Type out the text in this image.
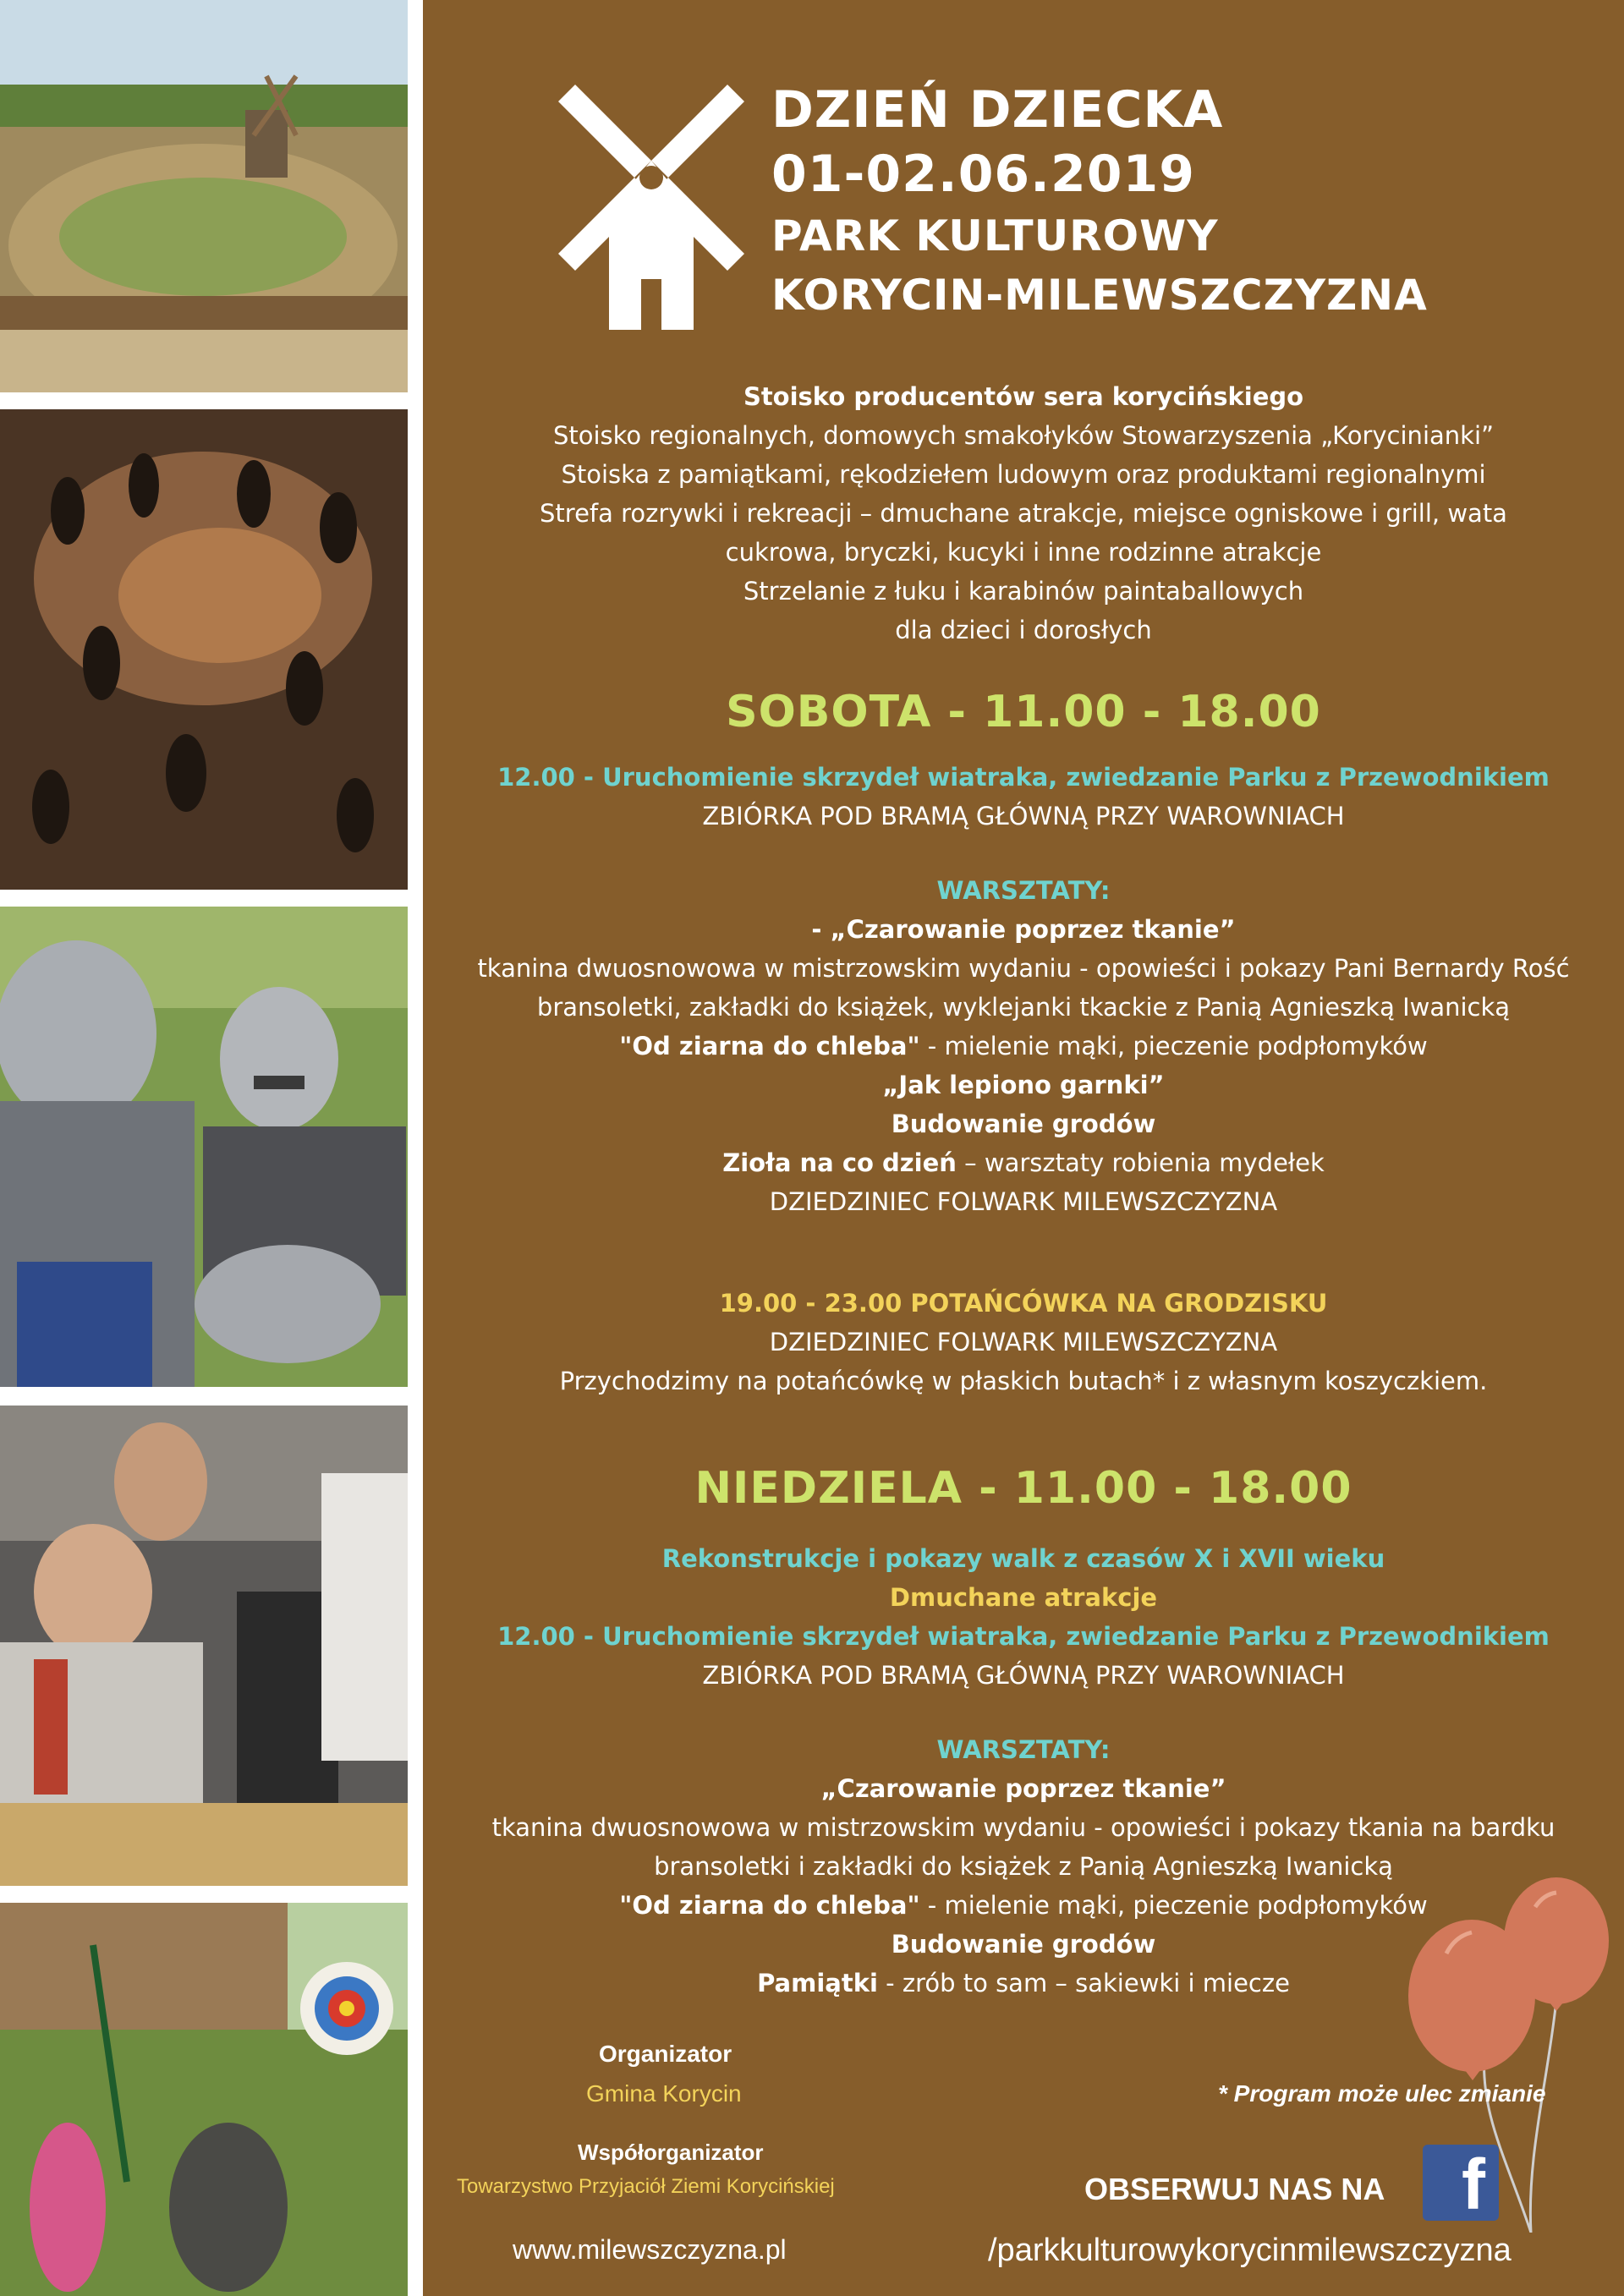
DZIEŃ DZIECKA
01-02.06.2019
PARK KULTUROWY
KORYCIN-MILEWSZCZYZNA
Stoisko producentów sera korycińskiego
Stoisko regionalnych, domowych smakołyków Stowarzyszenia „Korycinianki”
Stoiska z pamiątkami, rękodziełem ludowym oraz produktami regionalnymi
Strefa rozrywki i rekreacji – dmuchane atrakcje, miejsce ogniskowe i grill, wata
cukrowa, bryczki, kucyki i inne rodzinne atrakcje
Strzelanie z łuku i karabinów paintaballowych
dla dzieci i dorosłych
SOBOTA - 11.00 - 18.00
12.00 - Uruchomienie skrzydeł wiatraka, zwiedzanie Parku z Przewodnikiem
ZBIÓRKA POD BRAMĄ GŁÓWNĄ PRZY WAROWNIACH
WARSZTATY:
- „Czarowanie poprzez tkanie”
tkanina dwuosnowowa w mistrzowskim wydaniu - opowieści i pokazy Pani Bernardy Rość
bransoletki, zakładki do książek, wyklejanki tkackie z Panią Agnieszką Iwanicką
"Od ziarna do chleba" - mielenie mąki, pieczenie podpłomyków
„Jak lepiono garnki”
Budowanie grodów
Zioła na co dzień – warsztaty robienia mydełek
DZIEDZINIEC FOLWARK MILEWSZCZYZNA
19.00 - 23.00 POTAŃCÓWKA NA GRODZISKU
DZIEDZINIEC FOLWARK MILEWSZCZYZNA
Przychodzimy na potańcówkę w płaskich butach* i z własnym koszyczkiem.
NIEDZIELA - 11.00 - 18.00
Rekonstrukcje i pokazy walk z czasów X i XVII wieku
Dmuchane atrakcje
12.00 - Uruchomienie skrzydeł wiatraka, zwiedzanie Parku z Przewodnikiem
ZBIÓRKA POD BRAMĄ GŁÓWNĄ PRZY WAROWNIACH
WARSZTATY:
„Czarowanie poprzez tkanie”
tkanina dwuosnowowa w mistrzowskim wydaniu - opowieści i pokazy tkania na bardku
bransoletki i zakładki do książek z Panią Agnieszką Iwanicką
"Od ziarna do chleba" - mielenie mąki, pieczenie podpłomyków
Budowanie grodów
Pamiątki - zrób to sam – sakiewki i miecze
Organizator
Gmina Korycin
Współorganizator
Towarzystwo Przyjaciół Ziemi Korycińskiej
www.milewszczyzna.pl
* Program może ulec zmianie
OBSERWUJ NAS NA f
/parkkulturowykorycinmilewszczyzna
